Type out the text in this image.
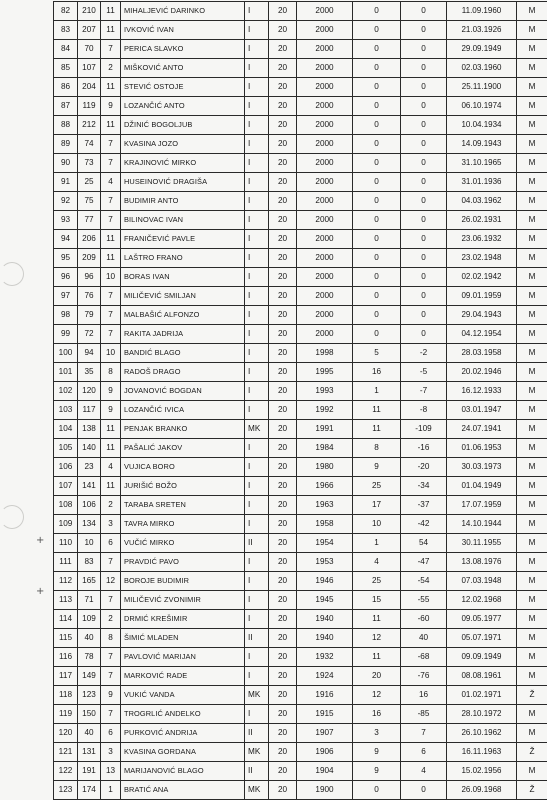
+
+
82	210	11	MIHALJEVIĆ DARINKO	I	20	2000	0	0	11.09.1960	M
83	207	11	IVKOVIĆ IVAN	I	20	2000	0	0	21.03.1926	M
84	70	7	PERICA SLAVKO	I	20	2000	0	0	29.09.1949	M
85	107	2	MIŠKOVIĆ ANTO	I	20	2000	0	0	02.03.1960	M
86	204	11	STEVIĆ OSTOJE	I	20	2000	0	0	25.11.1900	M
87	119	9	LOZANČIĆ ANTO	I	20	2000	0	0	06.10.1974	M
88	212	11	DŽINIĆ BOGOLJUB	I	20	2000	0	0	10.04.1934	M
89	74	7	KVASINA JOZO	I	20	2000	0	0	14.09.1943	M
90	73	7	KRAJINOVIĆ MIRKO	I	20	2000	0	0	31.10.1965	M
91	25	4	HUSEINOVIĆ DRAGIŠA	I	20	2000	0	0	31.01.1936	M
92	75	7	BUDIMIR ANTO	I	20	2000	0	0	04.03.1962	M
93	77	7	BILINOVAC IVAN	I	20	2000	0	0	26.02.1931	M
94	206	11	FRANIČEVIĆ PAVLE	I	20	2000	0	0	23.06.1932	M
95	209	11	LAŠTRO FRANO	I	20	2000	0	0	23.02.1948	M
96	96	10	BORAS IVAN	I	20	2000	0	0	02.02.1942	M
97	76	7	MILIČEVIĆ SMILJAN	I	20	2000	0	0	09.01.1959	M
98	79	7	MALBAŠIĆ ALFONZO	I	20	2000	0	0	29.04.1943	M
99	72	7	RAKITA JADRIJA	I	20	2000	0	0	04.12.1954	M
100	94	10	BANDIĆ BLAGO	I	20	1998	5	-2	28.03.1958	M
101	35	8	RADOŠ DRAGO	I	20	1995	16	-5	20.02.1946	M
102	120	9	JOVANOVIĆ BOGDAN	I	20	1993	1	-7	16.12.1933	M
103	117	9	LOZANČIĆ IVICA	I	20	1992	11	-8	03.01.1947	M
104	138	11	PENJAK BRANKO	MK	20	1991	11	-109	24.07.1941	M
105	140	11	PAŠALIĆ JAKOV	I	20	1984	8	-16	01.06.1953	M
106	23	4	VUJICA BORO	I	20	1980	9	-20	30.03.1973	M
107	141	11	JURIŠIĆ BOŽO	I	20	1966	25	-34	01.04.1949	M
108	106	2	TARABA SRETEN	I	20	1963	17	-37	17.07.1959	M
109	134	3	TAVRA MIRKO	I	20	1958	10	-42	14.10.1944	M
110	10	6	VUČIĆ MIRKO	II	20	1954	1	54	30.11.1955	M
111	83	7	PRAVDIĆ PAVO	I	20	1953	4	-47	13.08.1976	M
112	165	12	BOROJE BUDIMIR	I	20	1946	25	-54	07.03.1948	M
113	71	7	MILIČEVIĆ ZVONIMIR	I	20	1945	15	-55	12.02.1968	M
114	109	2	DRMIĆ KREŠIMIR	I	20	1940	11	-60	09.05.1977	M
115	40	8	ŠIMIĆ MLADEN	II	20	1940	12	40	05.07.1971	M
116	78	7	PAVLOVIĆ MARIJAN	I	20	1932	11	-68	09.09.1949	M
117	149	7	MARKOVIĆ RADE	I	20	1924	20	-76	08.08.1961	M
118	123	9	VUKIĆ VANDA	MK	20	1916	12	16	01.02.1971	Ž
119	150	7	TROGRLIĆ ANDELKO	I	20	1915	16	-85	28.10.1972	M
120	40	6	PURKOVIĆ ANDRIJA	II	20	1907	3	7	26.10.1962	M
121	131	3	KVASINA GORDANA	MK	20	1906	9	6	16.11.1963	Ž
122	191	13	MARIJANOVIĆ BLAGO	II	20	1904	9	4	15.02.1956	M
123	174	1	BRATIĆ ANA	MK	20	1900	0	0	26.09.1968	Ž
